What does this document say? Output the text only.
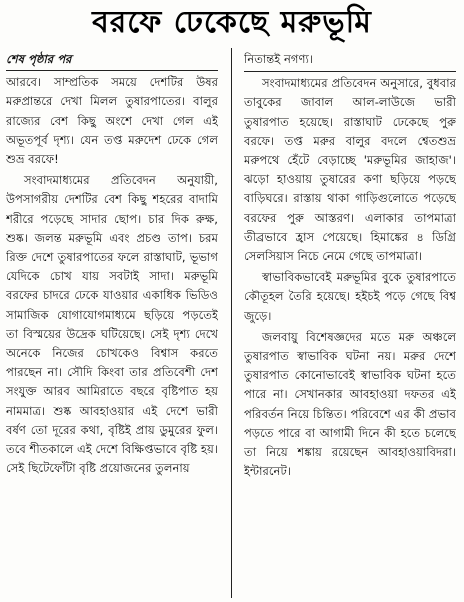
বরফে ঢেকেছে মরুভূমি
শেষ পৃষ্ঠার পর

আরবে। সাম্প্রতিক সময়ে দেশটির উষর মরুপ্রান্তরে দেখা মিলল তুষারপাতের। বালুর রাজ্যের বেশ কিছু অংশে দেখা গেল এই অভূতপূর্ব দৃশ্য। যেন তপ্ত মরুদেশ ঢেকে গেল শুভ্র বরফে!

সংবাদমাধ্যমের প্রতিবেদন অনুযায়ী, উপসাগরীয় দেশটির বেশ কিছু শহরের বাদামি শরীরে পড়েছে সাদার ছোপ। চার দিক রুক্ষ, শুষ্ক। জলন্ত মরুভূমি এবং প্রচণ্ড তাপ। চরম রিক্ত দেশে তুষারপাতের ফলে রাস্তাঘাট, ভূভাগ যেদিকে চোখ যায় সবটাই সাদা। মরুভূমি বরফের চাদরে ঢেকে যাওয়ার একাধিক ভিডিও সামাজিক যোগাযোগমাধ্যমে ছড়িয়ে পড়তেই তা বিস্ময়ের উদ্রেক ঘটিয়েছে। সেই দৃশ্য দেখে অনেকে নিজের চোখকেও বিশ্বাস করতে পারছেন না। সৌদি কিংবা তার প্রতিবেশী দেশ সংযুক্ত আরব আমিরাতে বছরে বৃষ্টিপাত হয় নামমাত্র। শুষ্ক আবহাওয়ার এই দেশে ভারী বর্ষণ তো দূরের কথা, বৃষ্টিই প্রায় ডুমুরের ফুল। তবে শীতকালে এই দেশে বিক্ষিপ্তভাবে বৃষ্টি হয়। সেই ছিটেফোঁটা বৃষ্টি প্রয়োজনের তুলনায়

নিতান্তই নগণ্য।

সংবাদমাধ্যমের প্রতিবেদন অনুসারে, বুধবার তাবুকের জাবাল আল-লাউজে ভারী তুষারপাত হয়েছে। রাস্তাঘাট ঢেকেছে পুরু বরফে। তপ্ত মরুর বালুর বদলে শ্বেতশুভ্র মরুপথে হেঁটে বেড়াচ্ছে 'মরুভূমির জাহাজ'। ঝড়ো হাওয়ায় তুষারের কণা ছড়িয়ে পড়ছে বাড়িঘরে। রাস্তায় থাকা গাড়িগুলোতে পড়েছে বরফের পুরু আস্তরণ। এলাকার তাপমাত্রা তীব্রভাবে হ্রাস পেয়েছে। হিমাঙ্কের ৪ ডিগ্রি সেলসিয়াস নিচে নেমে গেছে তাপমাত্রা।

স্বাভাবিকভাবেই মরুভূমির বুকে তুষারপাতে কৌতূহল তৈরি হয়েছে। হইচই পড়ে গেছে বিশ্ব জুড়ে।

জলবায়ু বিশেষজ্ঞদের মতে মরু অঞ্চলে তুষারপাত স্বাভাবিক ঘটনা নয়। মরুর দেশে তুষারপাত কোনোভাবেই স্বাভাবিক ঘটনা হতে পারে না। সেখানকার আবহাওয়া দফতর এই পরিবর্তন নিয়ে চিন্তিত। পরিবেশে এর কী প্রভাব পড়তে পারে বা আগামী দিনে কী হতে চলেছে তা নিয়ে শঙ্কায় রয়েছেন আবহাওয়াবিদরা। ইন্টারনেট।
